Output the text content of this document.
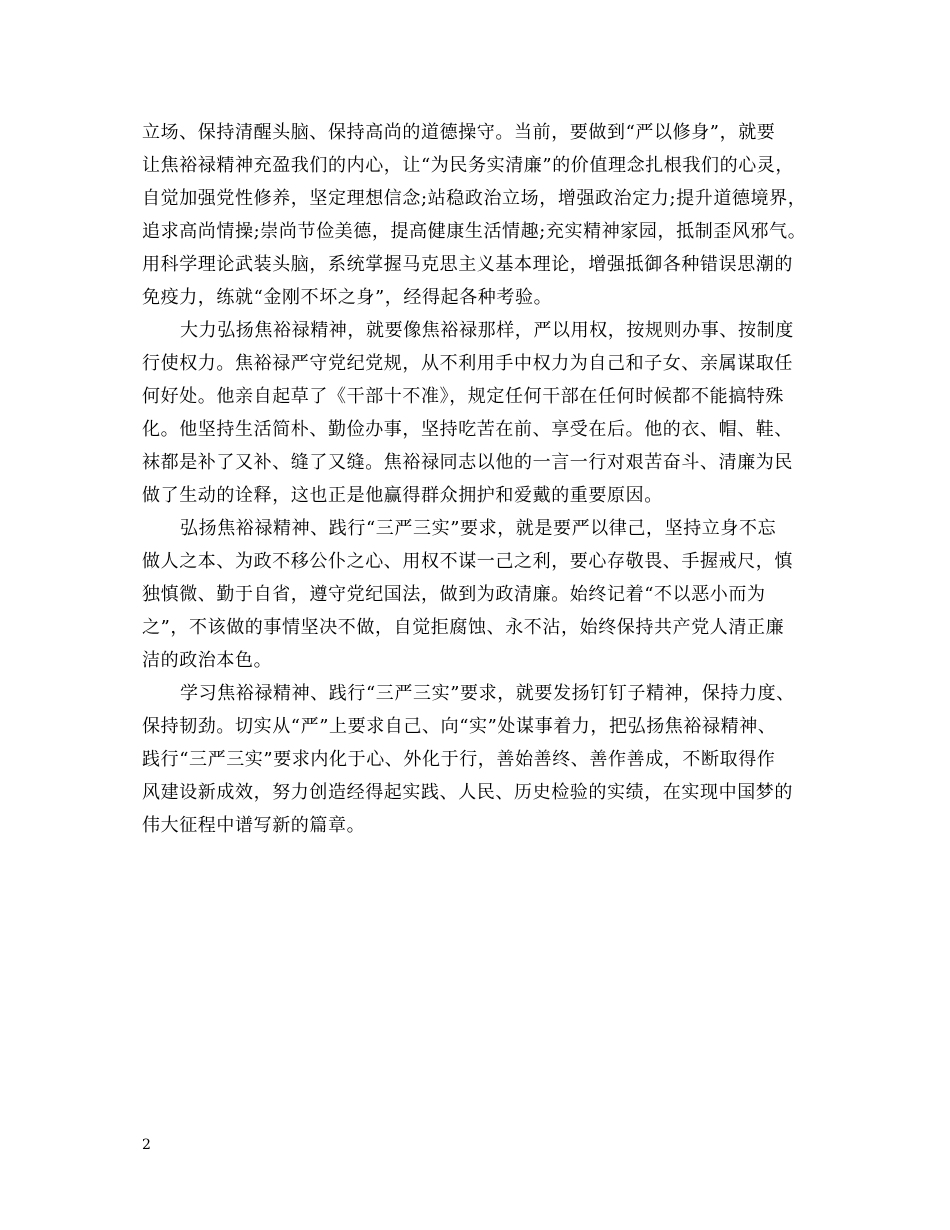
立场、保持清醒头脑、保持高尚的道德操守。当前，要做到“严以修身”，就要
让焦裕禄精神充盈我们的内心，让“为民务实清廉”的价值理念扎根我们的心灵，
自觉加强党性修养，坚定理想信念;站稳政治立场，增强政治定力;提升道德境界，
追求高尚情操;崇尚节俭美德，提高健康生活情趣;充实精神家园，抵制歪风邪气。
用科学理论武装头脑，系统掌握马克思主义基本理论，增强抵御各种错误思潮的
免疫力，练就“金刚不坏之身”，经得起各种考验。
大力弘扬焦裕禄精神，就要像焦裕禄那样，严以用权，按规则办事、按制度
行使权力。焦裕禄严守党纪党规，从不利用手中权力为自己和子女、亲属谋取任
何好处。他亲自起草了《干部十不准》，规定任何干部在任何时候都不能搞特殊
化。他坚持生活简朴、勤俭办事，坚持吃苦在前、享受在后。他的衣、帽、鞋、
袜都是补了又补、缝了又缝。焦裕禄同志以他的一言一行对艰苦奋斗、清廉为民
做了生动的诠释，这也正是他赢得群众拥护和爱戴的重要原因。
弘扬焦裕禄精神、践行“三严三实”要求，就是要严以律己，坚持立身不忘
做人之本、为政不移公仆之心、用权不谋一己之利，要心存敬畏、手握戒尺，慎
独慎微、勤于自省，遵守党纪国法，做到为政清廉。始终记着“不以恶小而为
之”，不该做的事情坚决不做，自觉拒腐蚀、永不沾，始终保持共产党人清正廉
洁的政治本色。
学习焦裕禄精神、践行“三严三实”要求，就要发扬钉钉子精神，保持力度、
保持韧劲。切实从“严”上要求自己、向“实”处谋事着力，把弘扬焦裕禄精神、
践行“三严三实”要求内化于心、外化于行，善始善终、善作善成，不断取得作
风建设新成效，努力创造经得起实践、人民、历史检验的实绩，在实现中国梦的
伟大征程中谱写新的篇章。
2
